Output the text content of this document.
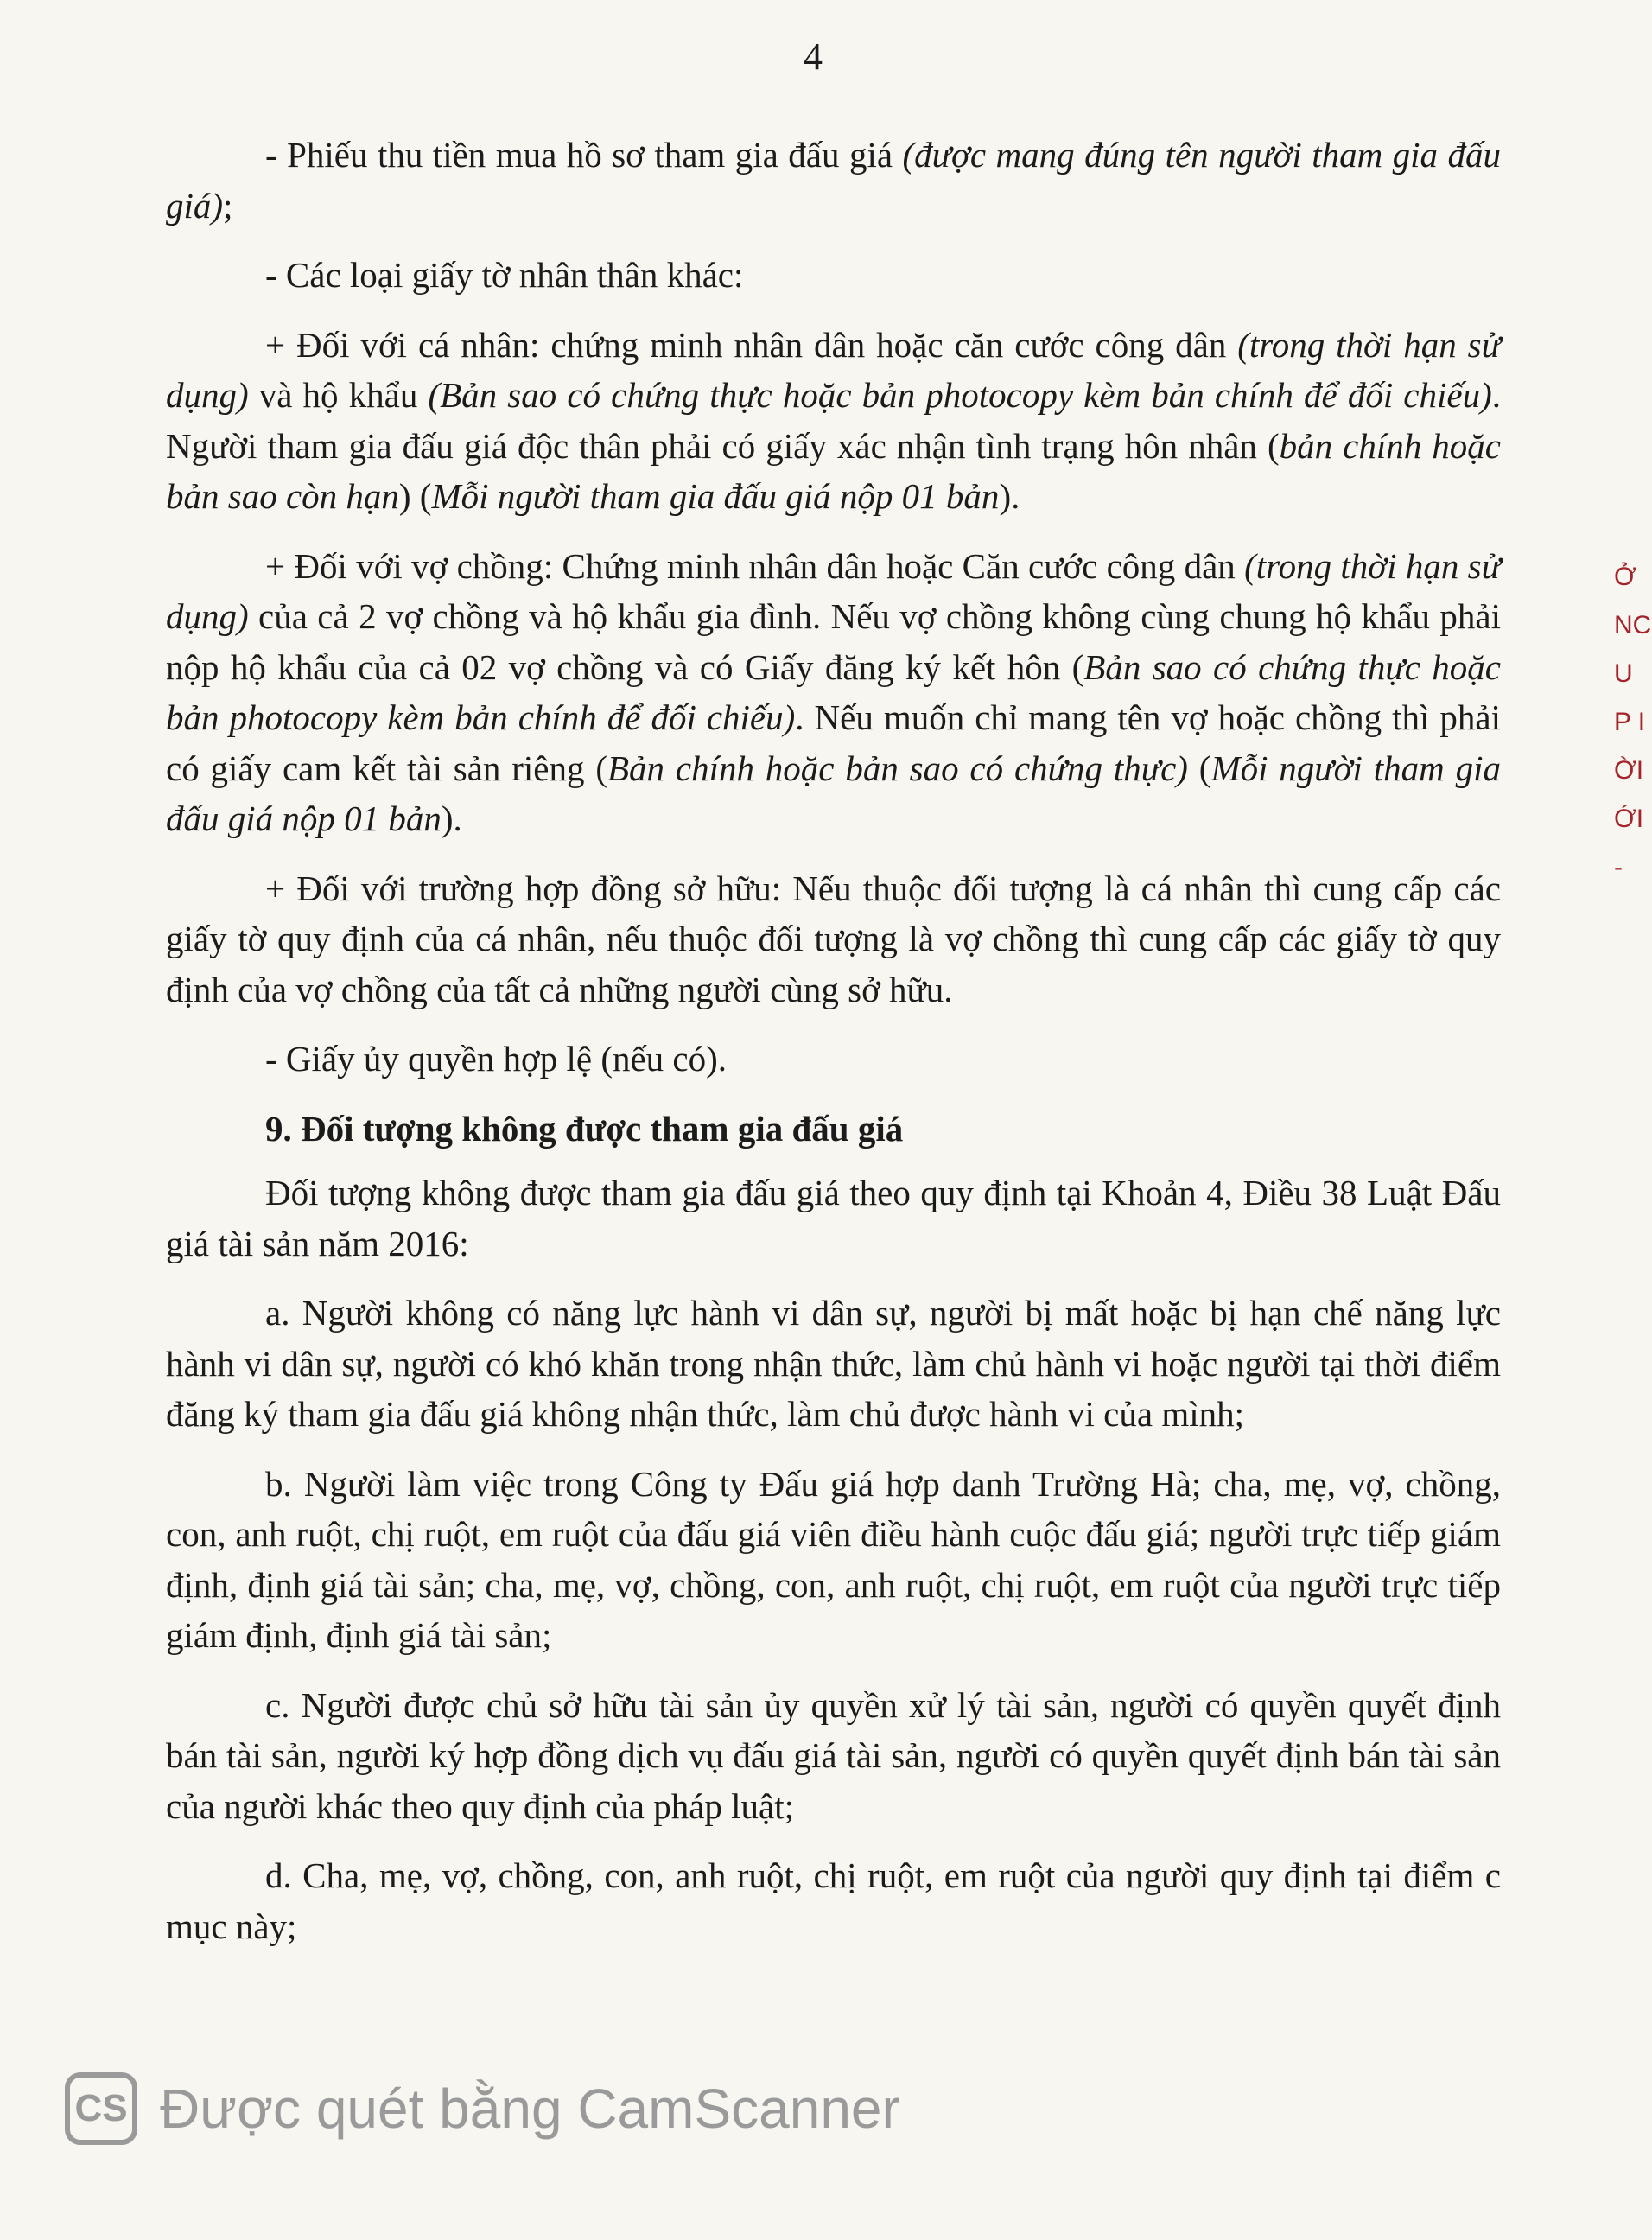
4

- Phiếu thu tiền mua hồ sơ tham gia đấu giá (được mang đúng tên người tham gia đấu giá);

- Các loại giấy tờ nhân thân khác:

+ Đối với cá nhân: chứng minh nhân dân hoặc căn cước công dân (trong thời hạn sử dụng) và hộ khẩu (Bản sao có chứng thực hoặc bản photocopy kèm bản chính để đối chiếu). Người tham gia đấu giá độc thân phải có giấy xác nhận tình trạng hôn nhân (bản chính hoặc bản sao còn hạn) (Mỗi người tham gia đấu giá nộp 01 bản).

+ Đối với vợ chồng: Chứng minh nhân dân hoặc Căn cước công dân (trong thời hạn sử dụng) của cả 2 vợ chồng và hộ khẩu gia đình. Nếu vợ chồng không cùng chung hộ khẩu phải nộp hộ khẩu của cả 02 vợ chồng và có Giấy đăng ký kết hôn (Bản sao có chứng thực hoặc bản photocopy kèm bản chính để đối chiếu). Nếu muốn chỉ mang tên vợ hoặc chồng thì phải có giấy cam kết tài sản riêng (Bản chính hoặc bản sao có chứng thực) (Mỗi người tham gia đấu giá nộp 01 bản).

+ Đối với trường hợp đồng sở hữu: Nếu thuộc đối tượng là cá nhân thì cung cấp các giấy tờ quy định của cá nhân, nếu thuộc đối tượng là vợ chồng thì cung cấp các giấy tờ quy định của vợ chồng của tất cả những người cùng sở hữu.

- Giấy ủy quyền hợp lệ (nếu có).

9. Đối tượng không được tham gia đấu giá

Đối tượng không được tham gia đấu giá theo quy định tại Khoản 4, Điều 38 Luật Đấu giá tài sản năm 2016:

a. Người không có năng lực hành vi dân sự, người bị mất hoặc bị hạn chế năng lực hành vi dân sự, người có khó khăn trong nhận thức, làm chủ hành vi hoặc người tại thời điểm đăng ký tham gia đấu giá không nhận thức, làm chủ được hành vi của mình;

b. Người làm việc trong Công ty Đấu giá hợp danh Trường Hà; cha, mẹ, vợ, chồng, con, anh ruột, chị ruột, em ruột của đấu giá viên điều hành cuộc đấu giá; người trực tiếp giám định, định giá tài sản; cha, mẹ, vợ, chồng, con, anh ruột, chị ruột, em ruột của người trực tiếp giám định, định giá tài sản;

c. Người được chủ sở hữu tài sản ủy quyền xử lý tài sản, người có quyền quyết định bán tài sản, người ký hợp đồng dịch vụ đấu giá tài sản, người có quyền quyết định bán tài sản của người khác theo quy định của pháp luật;

d. Cha, mẹ, vợ, chồng, con, anh ruột, chị ruột, em ruột của người quy định tại điểm c mục này;

Ở
NC
U
P I
ỜI
ỚI -
CS Được quét bằng CamScanner
